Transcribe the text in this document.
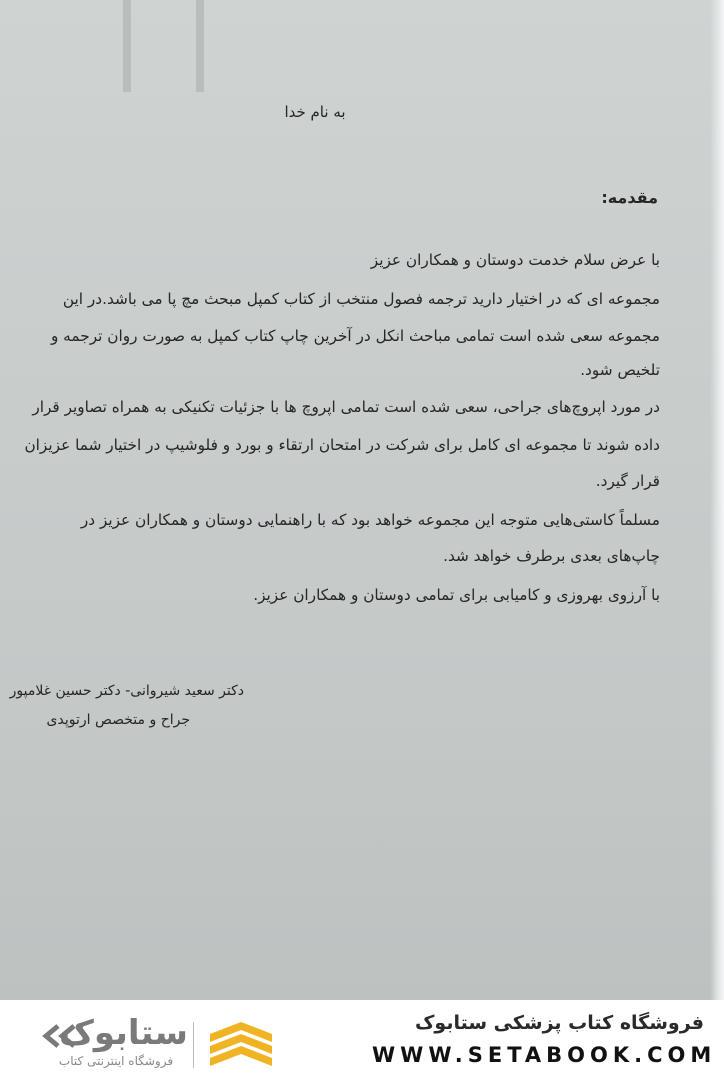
به نام خدا
مقدمه:
با عرض سلام خدمت دوستان و همکاران عزیز
مجموعه ای که در اختیار دارید ترجمه فصول منتخب از کتاب کمپل مبحث مچ پا می باشد.در این
مجموعه سعی شده است تمامی مباحث انکل در آخرین چاپ کتاب کمپل به صورت روان ترجمه و
تلخیص شود.
در مورد اپروچ‌های جراحی، سعی شده است تمامی اپروچ ها با جزئیات تکنیکی به همراه تصاویر قرار
داده شوند تا مجموعه ای کامل برای شرکت در امتحان ارتقاء و بورد و فلوشیپ در اختیار شما عزیزان
قرار گیرد.
مسلماً کاستی‌هایی متوجه این مجموعه خواهد بود که با راهنمایی دوستان و همکاران عزیز در
چاپ‌های بعدی برطرف خواهد شد.
با آرزوی بهروزی و کامیابی برای تمامی دوستان و همکاران عزیز.
دکتر سعید شیروانی- دکتر حسین غلامپور
جراح و متخصص ارتوپدی
فروشگاه کتاب پزشکی ستابوک
WWW.SETABOOK.COM
ستابوک
فروشگاه اینترنتی کتاب
